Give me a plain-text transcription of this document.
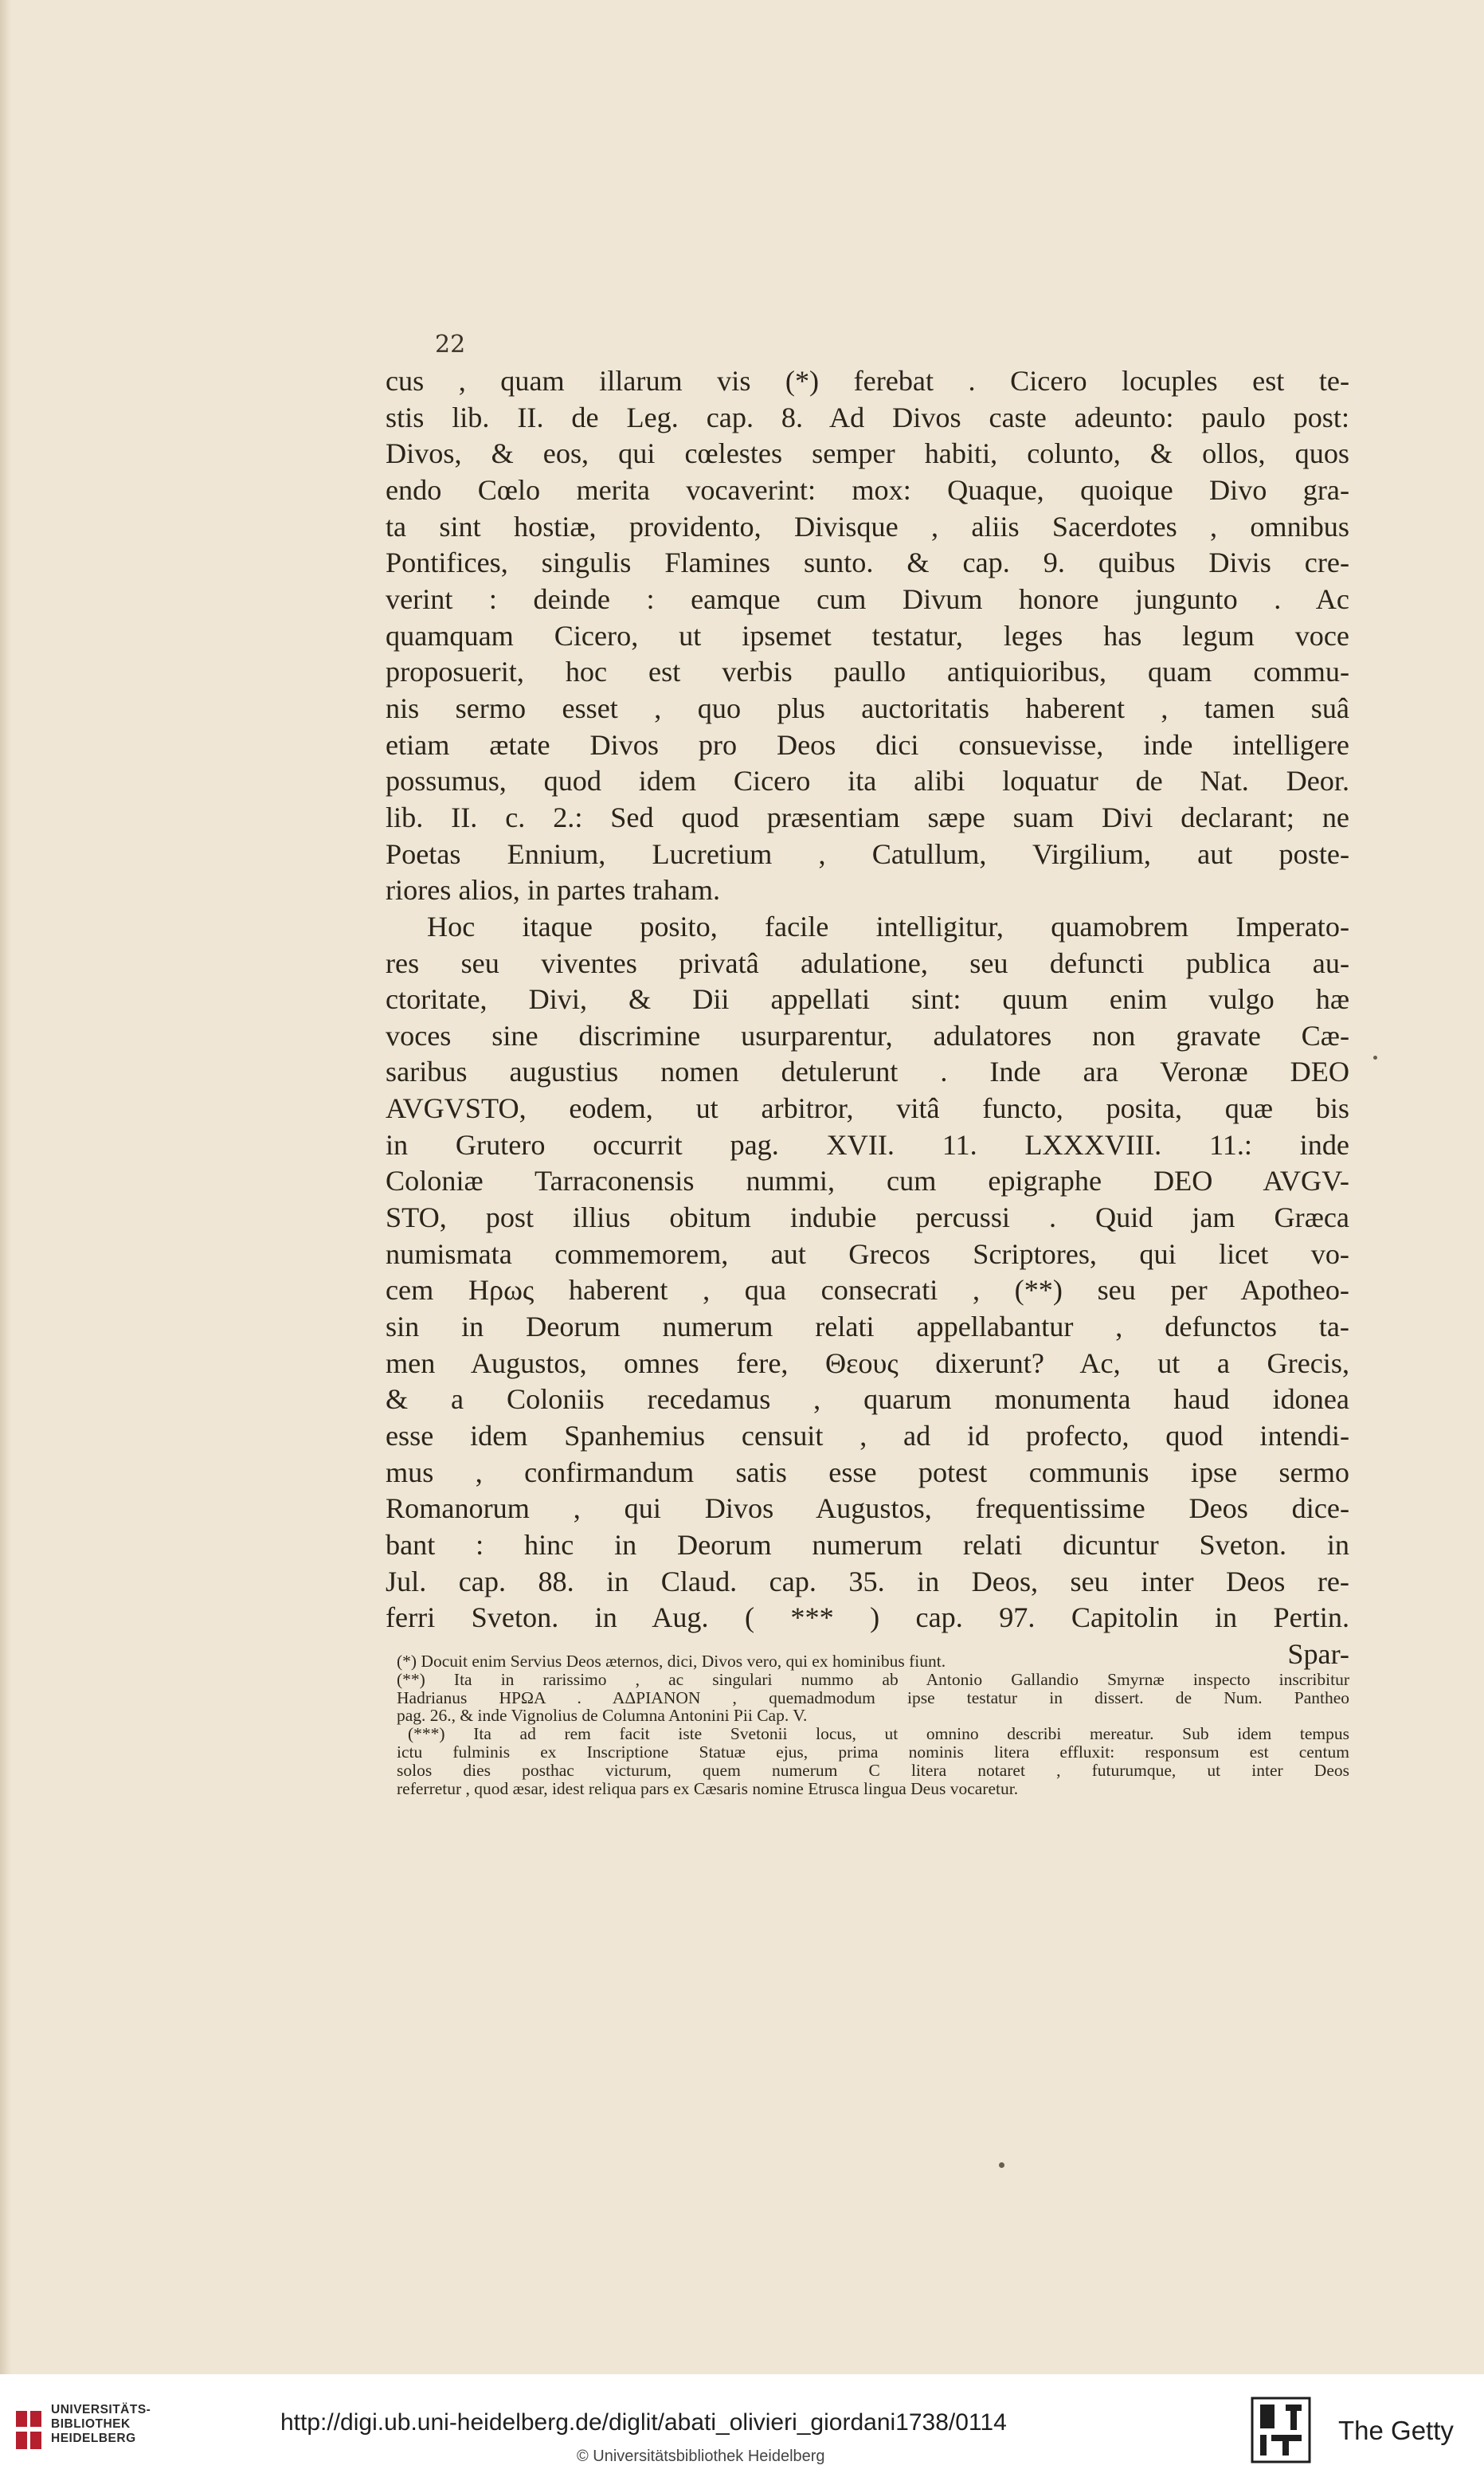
22
cus , quam illarum vis (*) ferebat . Cicero locuples est te-
stis lib. II. de Leg. cap. 8. Ad Divos caste adeunto: paulo post:
Divos, & eos, qui cœlestes semper habiti, colunto, & ollos, quos
endo Cœlo merita vocaverint: mox: Quaque, quoique Divo gra-
ta sint hostiæ, providento, Divisque , aliis Sacerdotes , omnibus
Pontifices, singulis Flamines sunto. & cap. 9. quibus Divis cre-
verint : deinde : eamque cum Divum honore jungunto . Ac
quamquam Cicero, ut ipsemet testatur, leges has legum voce
proposuerit, hoc est verbis paullo antiquioribus, quam commu-
nis sermo esset , quo plus auctoritatis haberent , tamen suâ
etiam ætate Divos pro Deos dici consuevisse, inde intelligere
possumus, quod idem Cicero ita alibi loquatur de Nat. Deor.
lib. II. c. 2.: Sed quod præsentiam sæpe suam Divi declarant; ne
Poetas Ennium, Lucretium , Catullum, Virgilium, aut poste-
riores alios, in partes traham.
Hoc itaque posito, facile intelligitur, quamobrem Imperato-
res seu viventes privatâ adulatione, seu defuncti publica au-
ctoritate, Divi, & Dii appellati sint: quum enim vulgo hæ
voces sine discrimine usurparentur, adulatores non gravate Cæ-
saribus augustius nomen detulerunt . Inde ara Veronæ DEO
AVGVSTO, eodem, ut arbitror, vitâ functo, posita, quæ bis
in Grutero occurrit pag. XVII. 11. LXXXVIII. 11.: inde
Coloniæ Tarraconensis nummi, cum epigraphe DEO AVGV-
STO, post illius obitum indubie percussi . Quid jam Græca
numismata commemorem, aut Grecos Scriptores, qui licet vo-
cem Ηρως haberent , qua consecrati , (**) seu per Apotheo-
sin in Deorum numerum relati appellabantur , defunctos ta-
men Augustos, omnes fere, Θεους dixerunt? Ac, ut a Grecis,
& a Coloniis recedamus , quarum monumenta haud idonea
esse idem Spanhemius censuit , ad id profecto, quod intendi-
mus , confirmandum satis esse potest communis ipse sermo
Romanorum , qui Divos Augustos, frequentissime Deos dice-
bant : hinc in Deorum numerum relati dicuntur Sveton. in
Jul. cap. 88. in Claud. cap. 35. in Deos, seu inter Deos re-
ferri Sveton. in Aug. ( *** ) cap. 97. Capitolin in Pertin.
Spar-
(*) Docuit enim Servius Deos æternos, dici, Divos vero, qui ex hominibus fiunt.
(**) Ita in rarissimo , ac singulari nummo ab Antonio Gallandio Smyrnæ inspecto inscribitur
Hadrianus ΗΡΩΑ . ΑΔΡΙΑΝΟΝ , quemadmodum ipse testatur in dissert. de Num. Pantheo
pag. 26., & inde Vignolius de Columna Antonini Pii Cap. V.
(***) Ita ad rem facit iste Svetonii locus, ut omnino describi mereatur. Sub idem tempus
ictu fulminis ex Inscriptione Statuæ ejus, prima nominis litera effluxit: responsum est centum
solos dies posthac victurum, quem numerum C litera notaret , futurumque, ut inter Deos
referretur , quod æsar, idest reliqua pars ex Cæsaris nomine Etrusca lingua Deus vocaretur.
UNIVERSITÄTS-
BIBLIOTHEK
HEIDELBERG
http://digi.ub.uni-heidelberg.de/diglit/abati_olivieri_giordani1738/0114
© Universitätsbibliothek Heidelberg
The Getty
